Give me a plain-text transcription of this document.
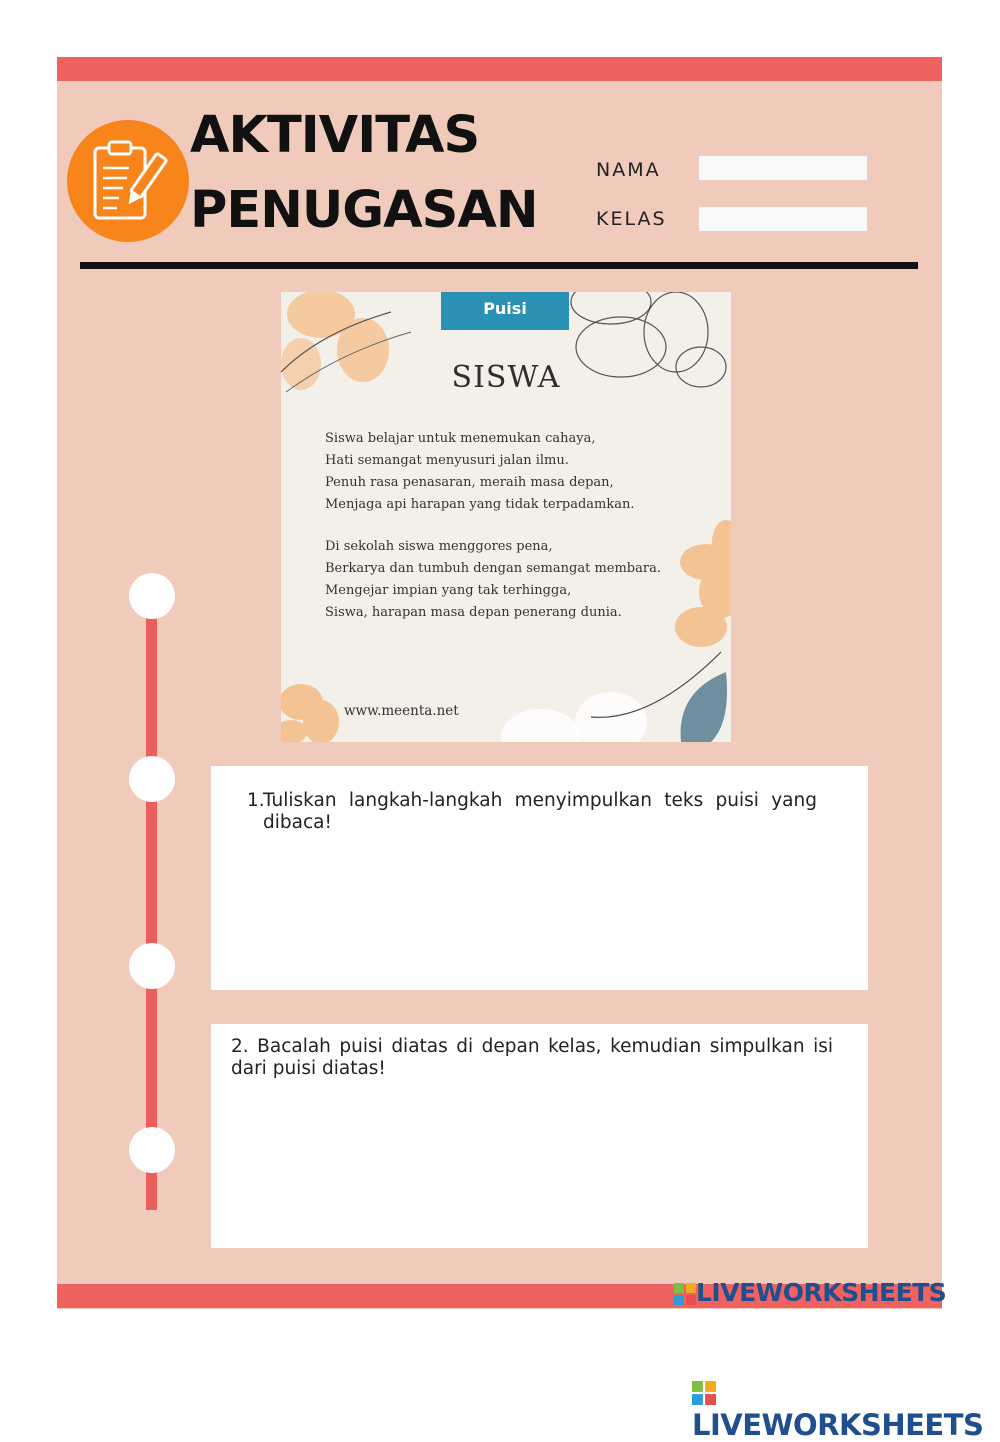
AKTIVITAS
PENUGASAN
NAMA
KELAS
Puisi
SISWA
Siswa belajar untuk menemukan cahaya,
Hati semangat menyusuri jalan ilmu.
Penuh rasa penasaran, meraih masa depan,
Menjaga api harapan yang tidak terpadamkan.
Di sekolah siswa menggores pena,
Berkarya dan tumbuh dengan semangat membara.
Mengejar impian yang tak terhingga,
Siswa, harapan masa depan penerang dunia.
www.meenta.net
1.
Tuliskan langkah-langkah menyimpulkan teks puisi yang dibaca!
2. Bacalah puisi diatas di depan kelas, kemudian simpulkan isi dari puisi diatas!
LIVEWORKSHEETS
LIVEWORKSHEETS
